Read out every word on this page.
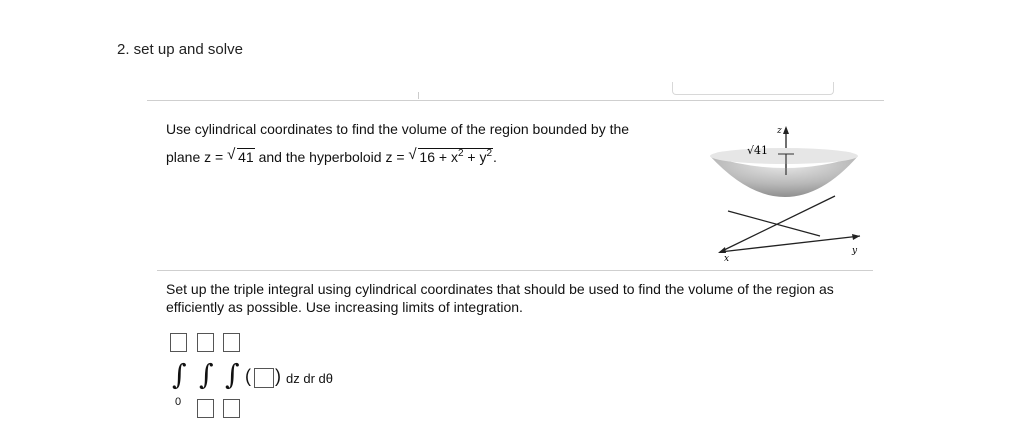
2. set up and solve
Use cylindrical coordinates to find the volume of the region bounded by the
plane z = √ 41 and the hyperboloid z = √ $16 + x^2 + y^2$.	√41
z
x
y
Set up the triple integral using cylindrical coordinates that should be used to find the volume of the region as efficiently as possible. Use increasing limits of integration.
∫ ∫ ∫ ( ) dz dr dθ
0
